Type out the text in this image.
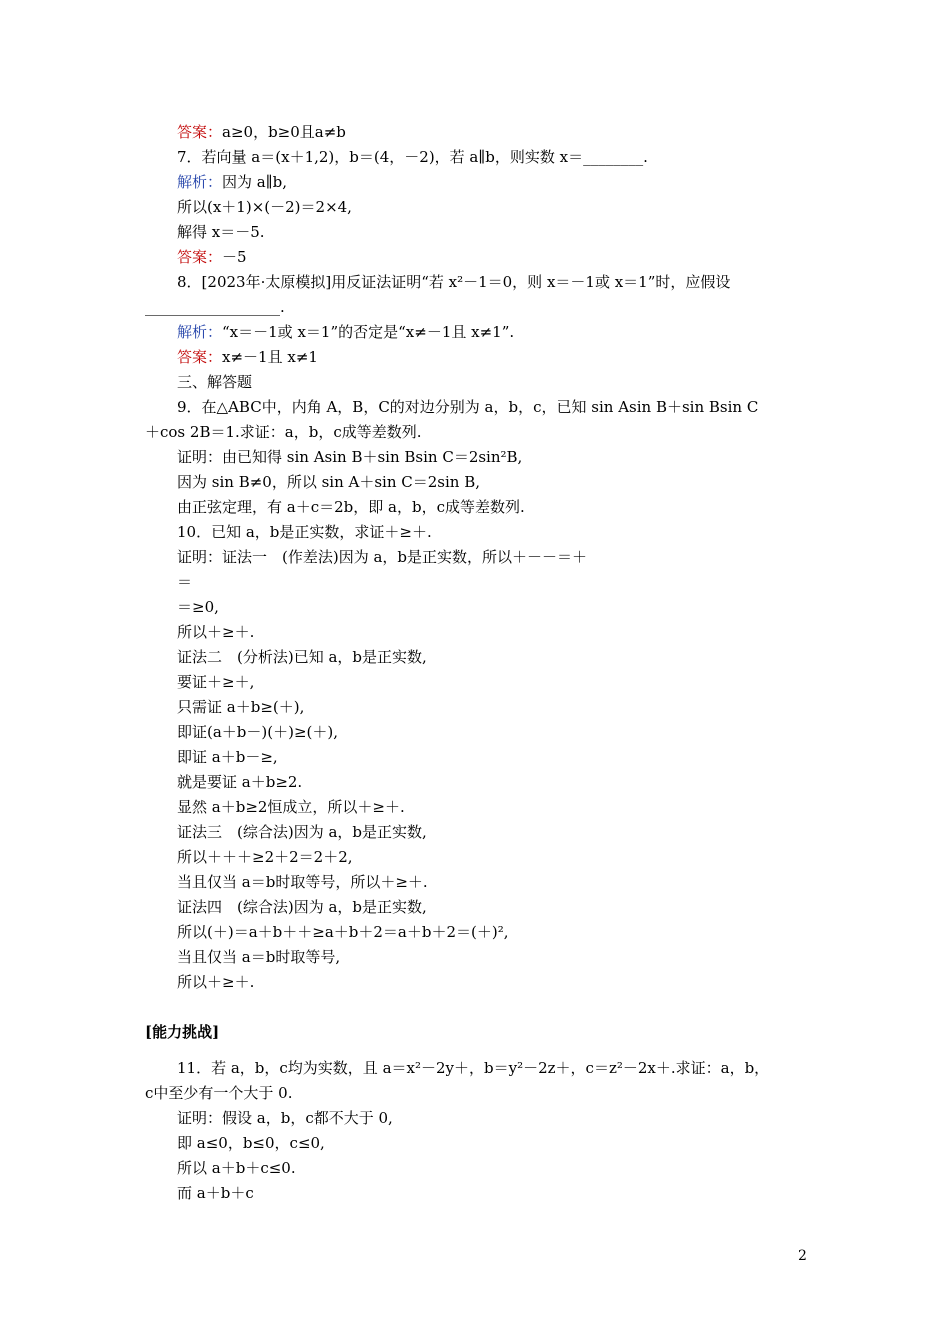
答案：a≥0，b≥0且a≠b
7．若向量 a＝(x＋1,2)，b＝(4，－2)，若 a∥b，则实数 x＝________.
解析：因为 a∥b,
所以(x＋1)×(－2)＝2×4,
解得 x＝－5.
答案：－5
8．[2023年·太原模拟]用反证法证明“若 x²－1＝0，则 x＝－1或 x＝1”时，应假设
__________________.
解析：“x＝－1或 x＝1”的否定是“x≠－1且 x≠1”.
答案：x≠－1且 x≠1
三、解答题
9．在△ABC中，内角 A，B，C的对边分别为 a，b，c，已知 sin Asin B＋sin Bsin C
＋cos 2B＝1.求证：a，b，c成等差数列.
证明：由已知得 sin Asin B＋sin Bsin C＝2sin²B,
因为 sin B≠0，所以 sin A＋sin C＝2sin B,
由正弦定理，有 a＋c＝2b，即 a，b，c成等差数列.
10．已知 a，b是正实数，求证＋≥＋.
证明：证法一　(作差法)因为 a，b是正实数，所以＋－－＝＋
＝
＝≥0,
所以＋≥＋.
证法二　(分析法)已知 a，b是正实数,
要证＋≥＋,
只需证 a＋b≥(＋),
即证(a＋b－)(＋)≥(＋),
即证 a＋b－≥,
就是要证 a＋b≥2.
显然 a＋b≥2恒成立，所以＋≥＋.
证法三　(综合法)因为 a，b是正实数,
所以＋＋＋≥2＋2＝2＋2,
当且仅当 a＝b时取等号，所以＋≥＋.
证法四　(综合法)因为 a，b是正实数,
所以(＋)＝a＋b＋＋≥a＋b＋2＝a＋b＋2＝(＋)²,
当且仅当 a＝b时取等号,
所以＋≥＋.
[能力挑战]
11．若 a，b，c均为实数，且 a＝x²－2y＋，b＝y²－2z＋，c＝z²－2x＋.求证：a，b，
c中至少有一个大于 0.
证明：假设 a，b，c都不大于 0,
即 a≤0，b≤0，c≤0,
所以 a＋b＋c≤0.
而 a＋b＋c
2
